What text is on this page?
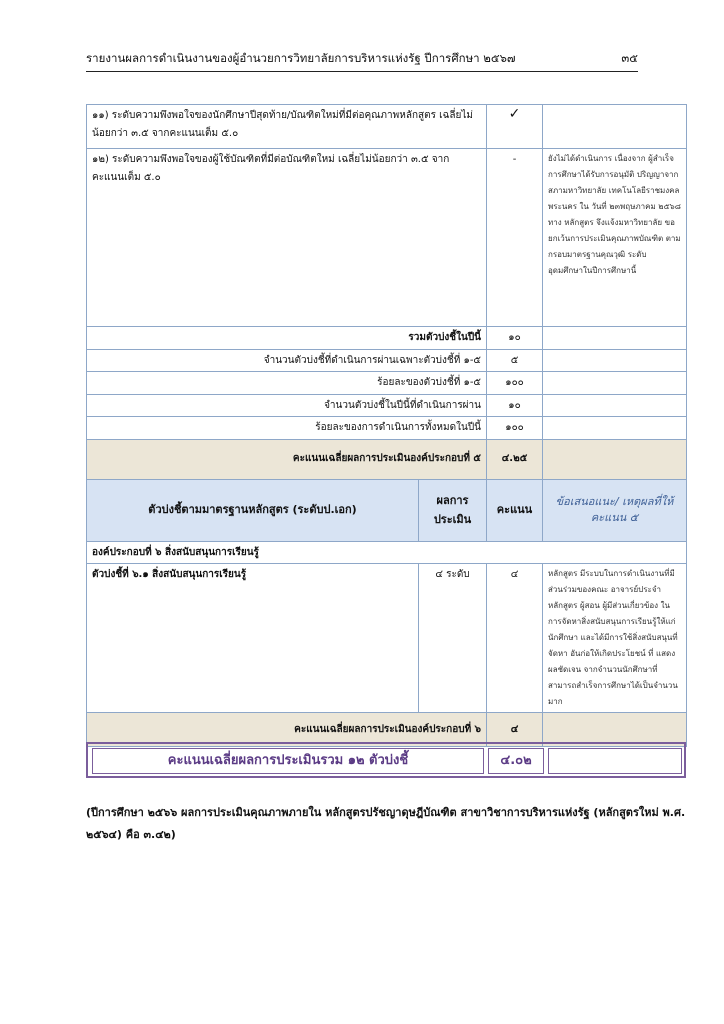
รายงานผลการดำเนินงานของผู้อำนวยการวิทยาลัยการบริหารแห่งรัฐ ปีการศึกษา ๒๕๖๗	๓๕
๑๑) ระดับความพึงพอใจของนักศึกษาปีสุดท้าย/บัณฑิตใหม่ที่มีต่อคุณภาพหลักสูตร เฉลี่ยไม่น้อยกว่า ๓.๕ จากคะแนนเต็ม ๕.๐		✓	
๑๒) ระดับความพึงพอใจของผู้ใช้บัณฑิตที่มีต่อบัณฑิตใหม่ เฉลี่ยไม่น้อยกว่า ๓.๕ จาก คะแนนเต็ม ๕.๐		-	ยังไม่ได้ดำเนินการ เนื่องจาก ผู้สำเร็จการศึกษาได้รับการอนุมัติ ปริญญาจากสภามหาวิทยาลัย เทคโนโลยีราชมงคลพระนคร ใน วันที่ ๒๓พฤษภาคม ๒๕๖๘ ทาง หลักสูตร จึงแจ้งมหาวิทยาลัย ขอ ยกเว้นการประเมินคุณภาพบัณฑิต ตามกรอบมาตรฐานคุณวุฒิ ระดับอุดมศึกษาในปีการศึกษานี้
รวมตัวบ่งชี้ในปีนี้		๑๐	
จำนวนตัวบ่งชี้ที่ดำเนินการผ่านเฉพาะตัวบ่งชี้ที่ ๑-๕		๕	
ร้อยละของตัวบ่งชี้ที่ ๑-๕		๑๐๐	
จำนวนตัวบ่งชี้ในปีนี้ที่ดำเนินการผ่าน		๑๐	
ร้อยละของการดำเนินการทั้งหมดในปีนี้		๑๐๐	
คะแนนเฉลี่ยผลการประเมินองค์ประกอบที่ ๕		๔.๒๕	
ตัวบ่งชี้ตามมาตรฐานหลักสูตร (ระดับป.เอก)	ผลการ ประเมิน	คะแนน	ข้อเสนอแนะ/ เหตุผลที่ให้คะแนน ๕
องค์ประกอบที่ ๖ สิ่งสนับสนุนการเรียนรู้			
ตัวบ่งชี้ที่ ๖.๑ สิ่งสนับสนุนการเรียนรู้	๔ ระดับ	๔	หลักสูตร มีระบบในการดำเนินงานที่มี ส่วนร่วมของคณะ อาจารย์ประจำ หลักสูตร ผู้สอน ผู้มีส่วนเกี่ยวข้อง ใน การจัดหาสิ่งสนับสนุนการเรียนรู้ให้แก่ นักศึกษา และได้มีการใช้สิ่งสนับสนุนที่ จัดหา อันก่อให้เกิดประโยชน์ ที่ แสดงผลชัดเจน จากจำนวนนักศึกษาที่ สามารถสำเร็จการศึกษาได้เป็นจำนวน มาก
คะแนนเฉลี่ยผลการประเมินองค์ประกอบที่ ๖		๔	
คะแนนเฉลี่ยผลการประเมินรวม ๑๒ ตัวบ่งชี้	๔.๐๒
(ปีการศึกษา ๒๕๖๖ ผลการประเมินคุณภาพภายใน หลักสูตรปรัชญาดุษฎีบัณฑิต สาขาวิชาการบริหารแห่งรัฐ (หลักสูตรใหม่ พ.ศ. ๒๕๖๔) คือ ๓.๔๒)
